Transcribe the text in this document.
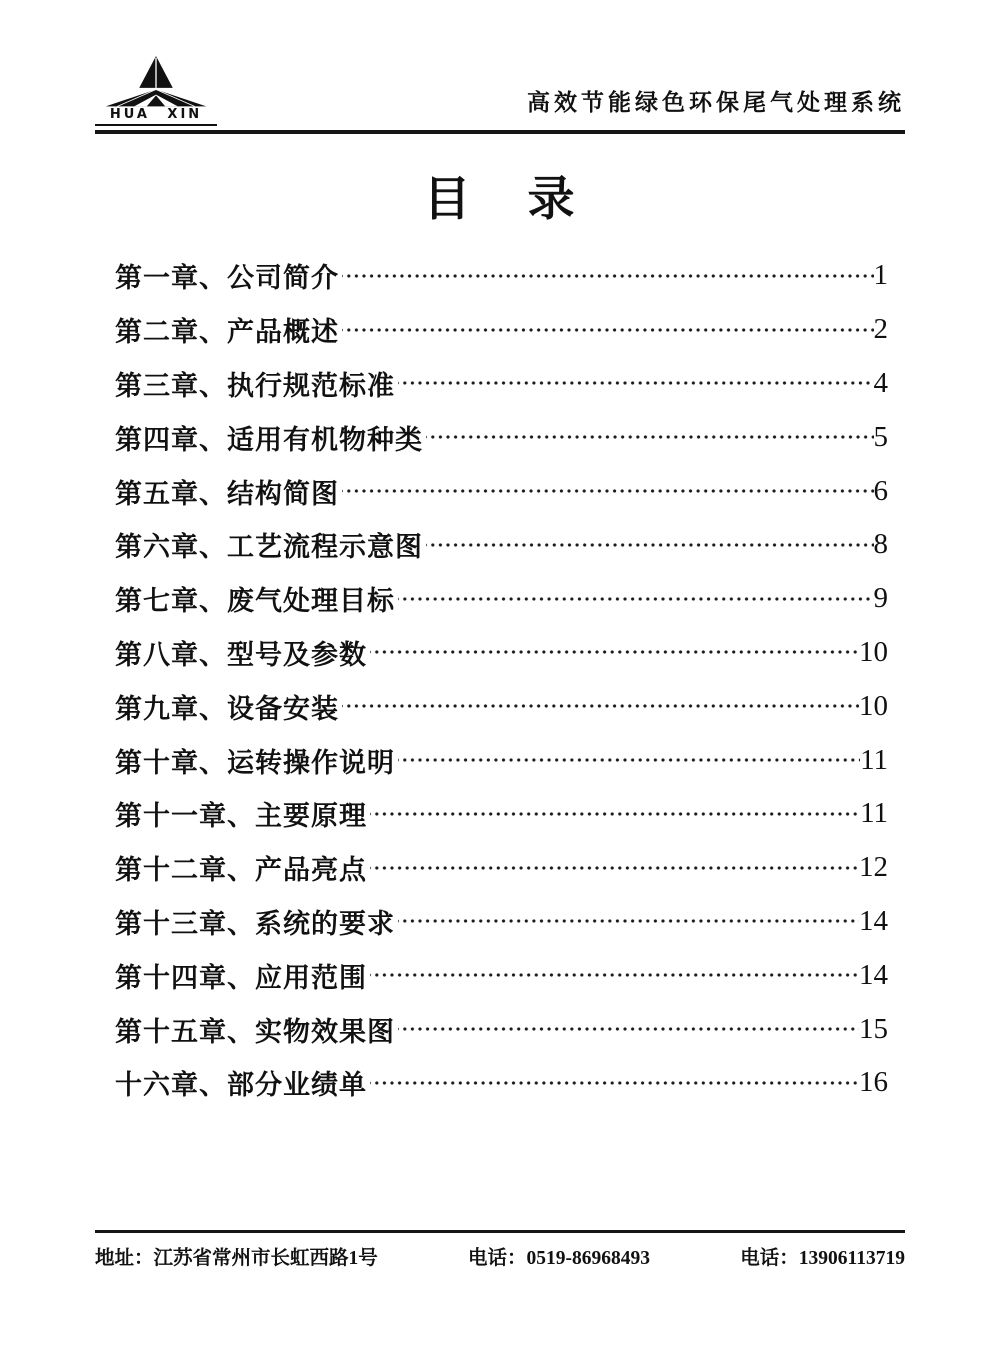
HUA XIN	高效节能绿色环保尾气处理系统
目    录
第一章、公司简介	1
第二章、产品概述	2
第三章、执行规范标准	4
第四章、适用有机物种类	5
第五章、结构简图	6
第六章、工艺流程示意图	8
第七章、废气处理目标	9
第八章、型号及参数	10
第九章、设备安装	10
第十章、运转操作说明	11
第十一章、主要原理	11
第十二章、产品亮点	12
第十三章、系统的要求	14
第十四章、应用范围	14
第十五章、实物效果图	15
十六章、部分业绩单	16
地址：江苏省常州市长虹西路1号	电话：0519-86968493	电话：13906113719
